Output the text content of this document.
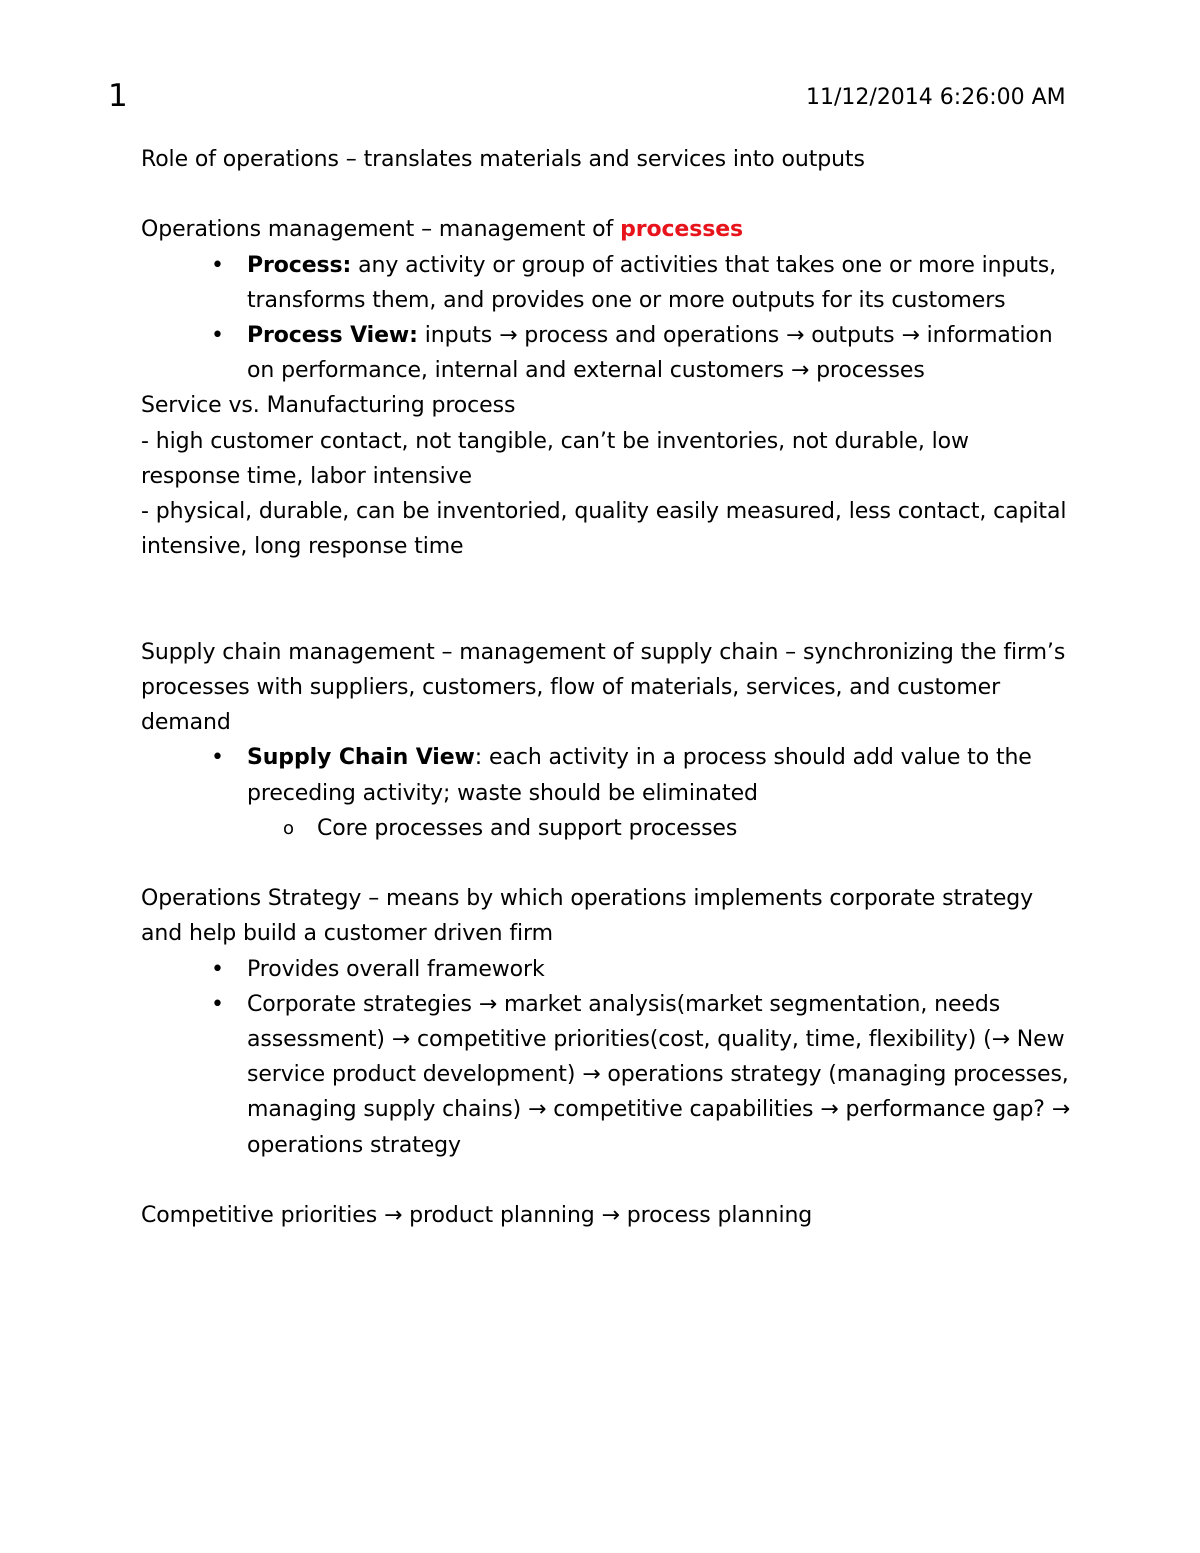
1	11/12/2014 6:26:00 AM

Role of operations – translates materials and services into outputs

Operations management – management of processes

• Process: any activity or group of activities that takes one or more inputs, transforms them, and provides one or more outputs for its customers
• Process View: inputs → process and operations → outputs → information on performance, internal and external customers → processes

Service vs. Manufacturing process

- high customer contact, not tangible, can’t be inventories, not durable, low response time, labor intensive

- physical, durable, can be inventoried, quality easily measured, less contact, capital intensive, long response time

Supply chain management – management of supply chain – synchronizing the firm’s processes with suppliers, customers, flow of materials, services, and customer demand

• Supply Chain View: each activity in a process should add value to the preceding activity; waste should be eliminated
o Core processes and support processes

Operations Strategy – means by which operations implements corporate strategy and help build a customer driven firm

• Provides overall framework
• Corporate strategies → market analysis(market segmentation, needs assessment) → competitive priorities(cost, quality, time, flexibility) (→ New service product development) → operations strategy (managing processes, managing supply chains) → competitive capabilities → performance gap? → operations strategy

Competitive priorities → product planning → process planning
